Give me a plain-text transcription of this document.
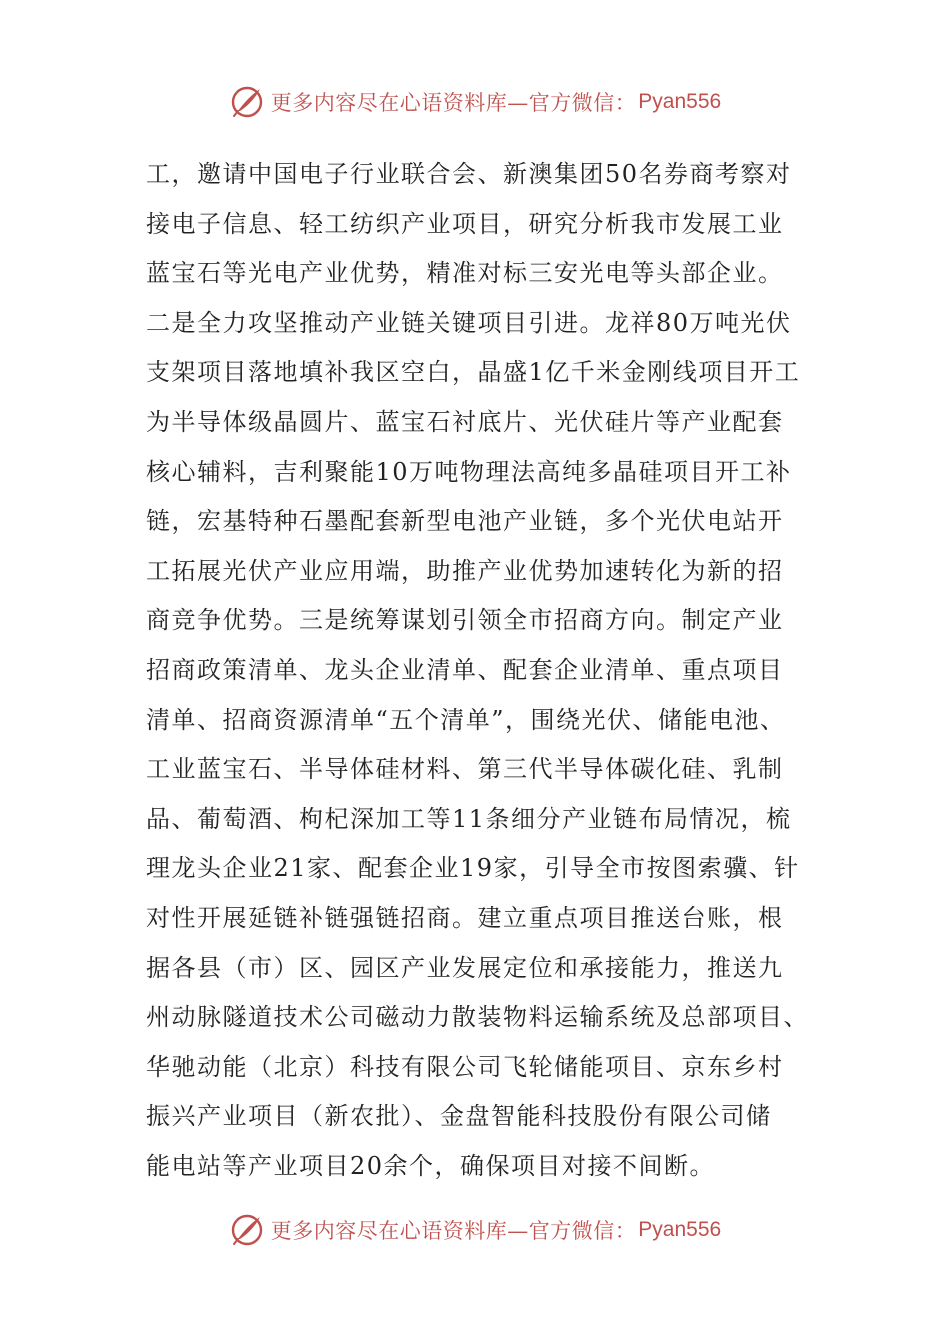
更多内容尽在心语资料库—官方微信： Pyan556
工，邀请中国电子行业联合会、新澳集团50名券商考察对
接电子信息、轻工纺织产业项目，研究分析我市发展工业
蓝宝石等光电产业优势，精准对标三安光电等头部企业。
二是全力攻坚推动产业链关键项目引进。龙祥80万吨光伏
支架项目落地填补我区空白，晶盛1亿千米金刚线项目开工
为半导体级晶圆片、蓝宝石衬底片、光伏硅片等产业配套
核心辅料，吉利聚能10万吨物理法高纯多晶硅项目开工补
链，宏基特种石墨配套新型电池产业链，多个光伏电站开
工拓展光伏产业应用端，助推产业优势加速转化为新的招
商竞争优势。三是统筹谋划引领全市招商方向。制定产业
招商政策清单、龙头企业清单、配套企业清单、重点项目
清单、招商资源清单“五个清单”，围绕光伏、储能电池、
工业蓝宝石、半导体硅材料、第三代半导体碳化硅、乳制
品、葡萄酒、枸杞深加工等11条细分产业链布局情况，梳
理龙头企业21家、配套企业19家，引导全市按图索骥、针
对性开展延链补链强链招商。建立重点项目推送台账，根
据各县（市）区、园区产业发展定位和承接能力，推送九
州动脉隧道技术公司磁动力散装物料运输系统及总部项目、
华驰动能（北京）科技有限公司飞轮储能项目、京东乡村
振兴产业项目（新农批）、金盘智能科技股份有限公司储
能电站等产业项目20余个，确保项目对接不间断。
更多内容尽在心语资料库—官方微信： Pyan556
